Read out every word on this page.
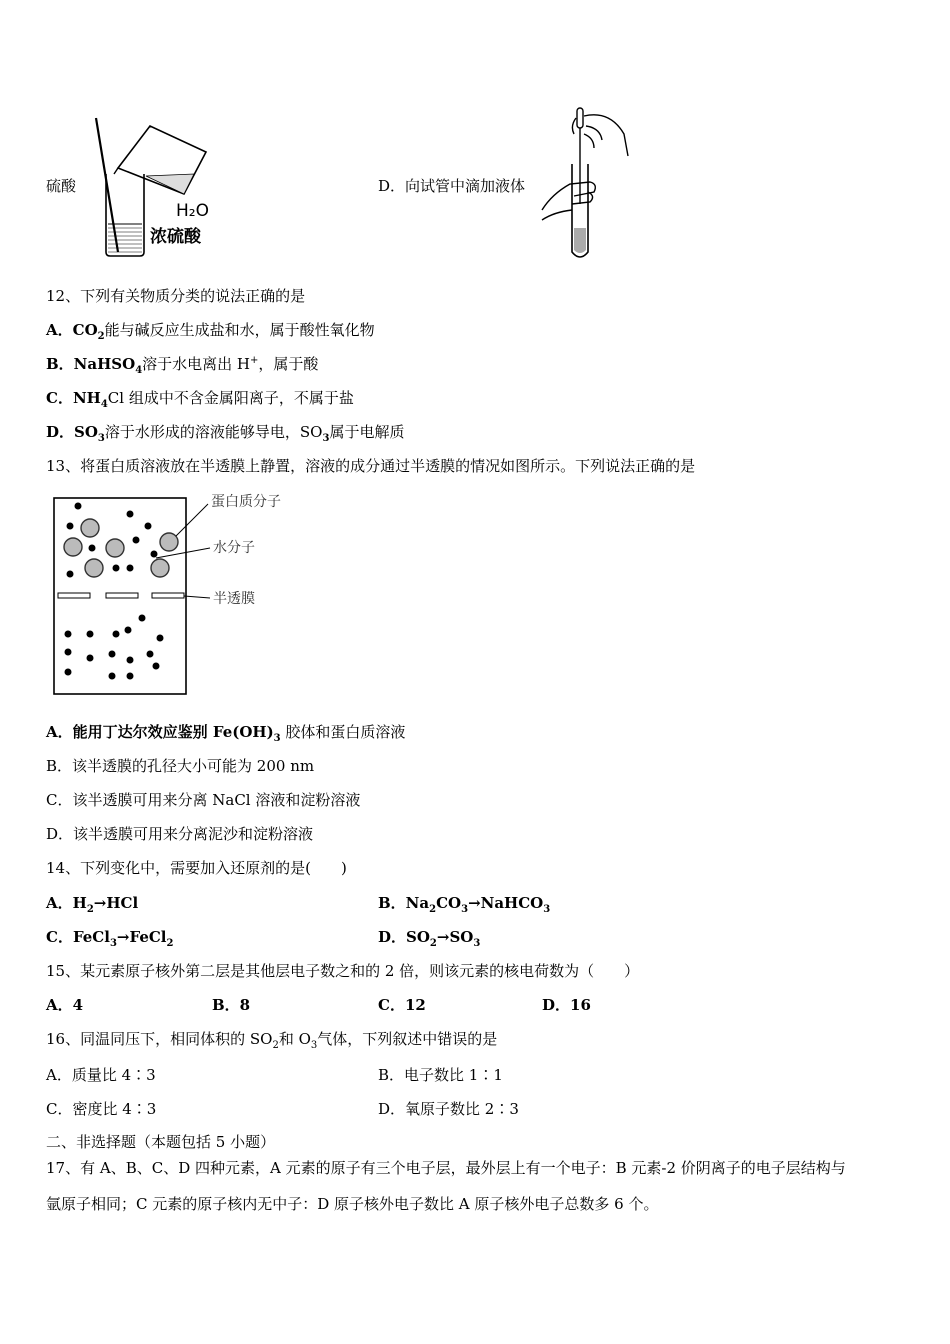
H₂O
浓硫酸
硫酸	D．向试管中滴加液体
12、下列有关物质分类的说法正确的是
A．$CO_2$能与碱反应生成盐和水，属于酸性氧化物
B．NaHSO$_4$溶于水电离出 H+，属于酸
C．$NH_4Cl$ 组成中不含金属阳离子，不属于盐
D．$SO_3$溶于水形成的溶液能够导电，$SO_3$属于电解质
13、将蛋白质溶液放在半透膜上静置，溶液的成分通过半透膜的情况如图所示。下列说法正确的是
蛋白质分子
水分子
半透膜
A．能用丁达尔效应鉴别 $Fe(OH)_3$ 胶体和蛋白质溶液
B．该半透膜的孔径大小可能为 200 nm
C．该半透膜可用来分离 NaCl 溶液和淀粉溶液
D．该半透膜可用来分离泥沙和淀粉溶液
14、下列变化中，需要加入还原剂的是(　　)
A．$H_2\to HCl$	B．$Na_2CO_3\to NaHCO_3$
C．FeCl$_3$→FeCl$_2$	D．$SO_2\to SO_3$
15、某元素原子核外第二层是其他层电子数之和的 2 倍，则该元素的核电荷数为（　　）
A．4	B．8	C．12	D．16
16、同温同压下，相同体积的 $SO_2$和 $O_3$气体，下列叙述中错误的是
A．质量比 4∶3	B．电子数比 1∶1
C．密度比 4∶3	D．氧原子数比 2∶3
二、非选择题（本题包括 5 小题）
17、有 A、B、C、D 四种元素，A 元素的原子有三个电子层，最外层上有一个电子：B 元素-2 价阴离子的电子层结构与
氩原子相同；C 元素的原子核内无中子：D 原子核外电子数比 A 原子核外电子总数多 6 个。
